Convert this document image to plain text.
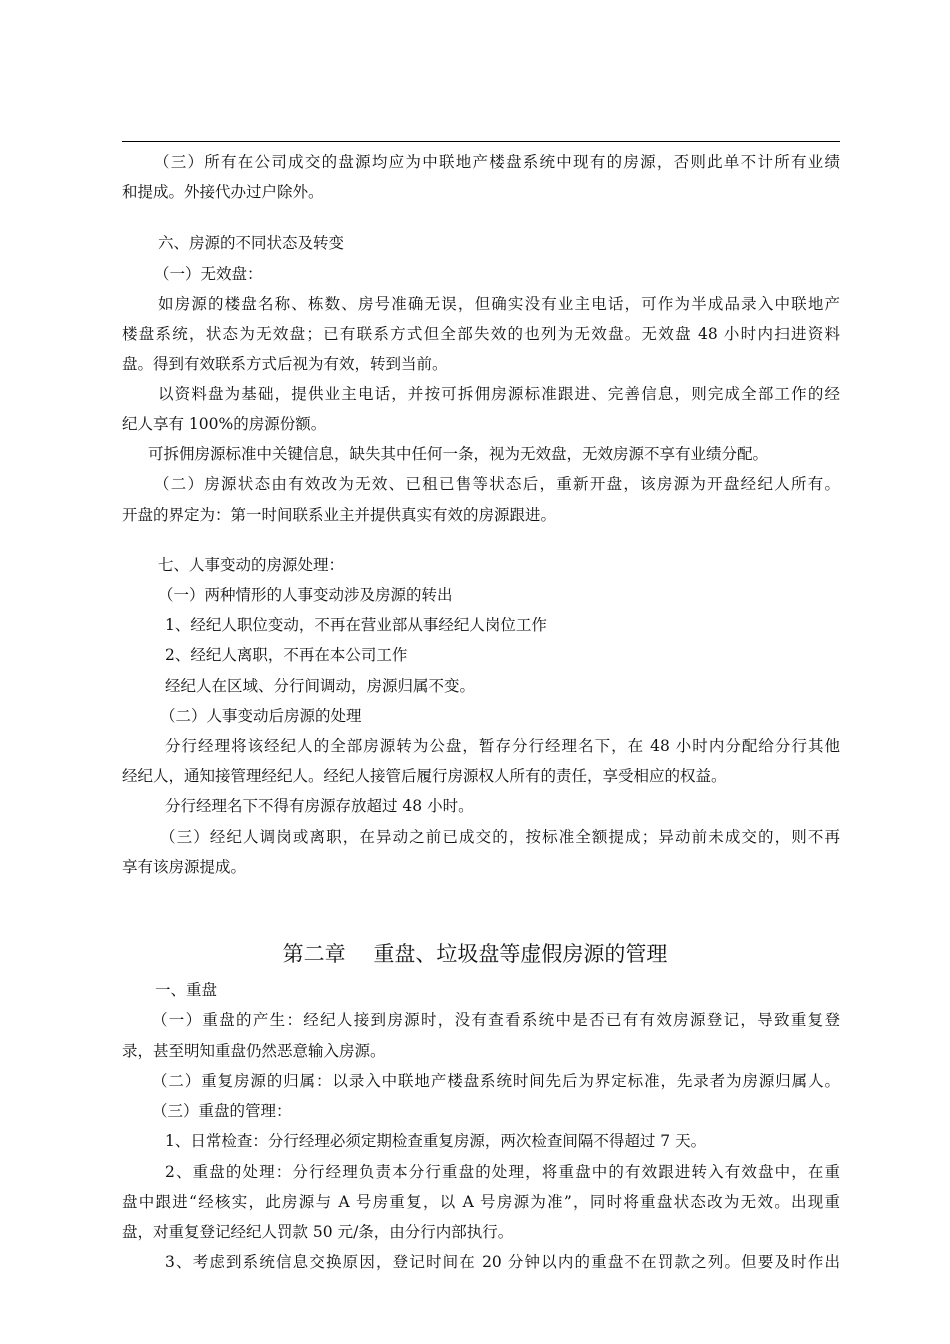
（三）所有在公司成交的盘源均应为中联地产楼盘系统中现有的房源，否则此单不计所有业绩
和提成。外接代办过户除外。
六、房源的不同状态及转变
（一）无效盘：
如房源的楼盘名称、栋数、房号准确无误，但确实没有业主电话，可作为半成品录入中联地产
楼盘系统，状态为无效盘；已有联系方式但全部失效的也列为无效盘。无效盘 48 小时内扫进资料
盘。得到有效联系方式后视为有效，转到当前。
以资料盘为基础，提供业主电话，并按可拆佣房源标准跟进、完善信息，则完成全部工作的经
纪人享有 100%的房源份额。
可拆佣房源标准中关键信息，缺失其中任何一条，视为无效盘，无效房源不享有业绩分配。
（二）房源状态由有效改为无效、已租已售等状态后，重新开盘，该房源为开盘经纪人所有。
开盘的界定为：第一时间联系业主并提供真实有效的房源跟进。
七、人事变动的房源处理：
（一）两种情形的人事变动涉及房源的转出
1、经纪人职位变动，不再在营业部从事经纪人岗位工作
2、经纪人离职，不再在本公司工作
经纪人在区域、分行间调动，房源归属不变。
（二）人事变动后房源的处理
分行经理将该经纪人的全部房源转为公盘，暂存分行经理名下，在 48 小时内分配给分行其他
经纪人，通知接管理经纪人。经纪人接管后履行房源权人所有的责任，享受相应的权益。
分行经理名下不得有房源存放超过 48 小时。
（三）经纪人调岗或离职，在异动之前已成交的，按标准全额提成；异动前未成交的，则不再
享有该房源提成。
第二章　 重盘、垃圾盘等虚假房源的管理
一、重盘
（一）重盘的产生：经纪人接到房源时，没有查看系统中是否已有有效房源登记，导致重复登
录，甚至明知重盘仍然恶意输入房源。
（二）重复房源的归属：以录入中联地产楼盘系统时间先后为界定标准，先录者为房源归属人。
（三）重盘的管理：
1、日常检查：分行经理必须定期检查重复房源，两次检查间隔不得超过 7 天。
2、重盘的处理：分行经理负责本分行重盘的处理，将重盘中的有效跟进转入有效盘中，在重
盘中跟进“经核实，此房源与 A 号房重复，以 A 号房源为准”，同时将重盘状态改为无效。出现重
盘，对重复登记经纪人罚款 50 元/条，由分行内部执行。
3、考虑到系统信息交换原因，登记时间在 20 分钟以内的重盘不在罚款之列。但要及时作出
